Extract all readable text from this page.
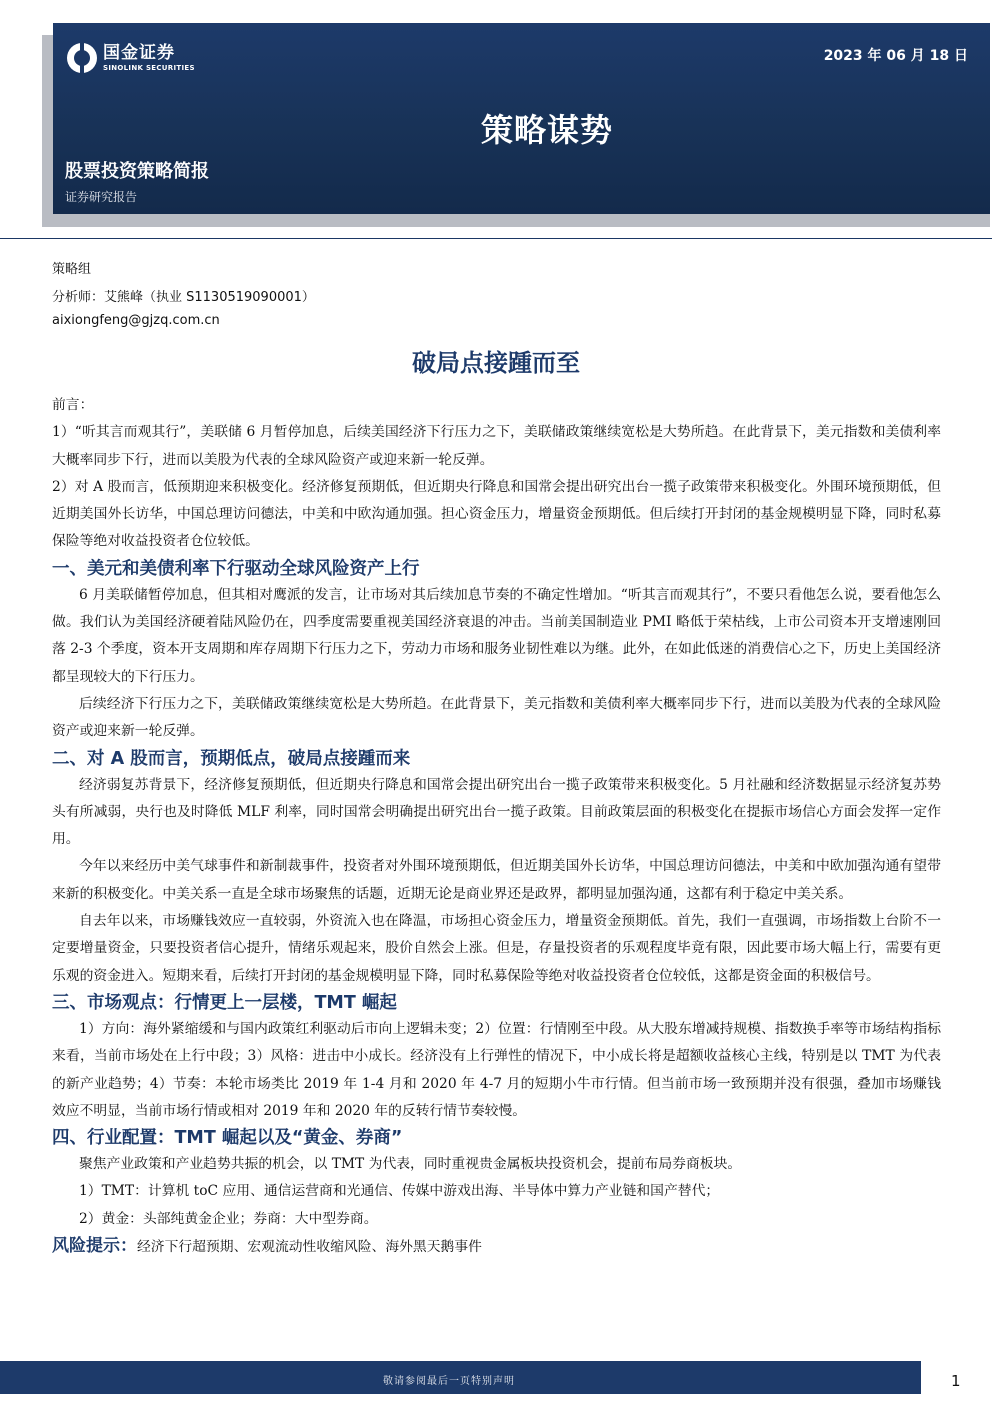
国金证券
SINOLINK SECURITIES
2023 年 06 月 18 日
策略谋势
股票投资策略简报
证券研究报告
策略组
分析师：艾熊峰（执业 S1130519090001）
aixiongfeng@gjzq.com.cn
破局点接踵而至

前言：

1）“听其言而观其行”，美联储 6 月暂停加息，后续美国经济下行压力之下，美联储政策继续宽松是大势所趋。在此背景下，美元指数和美债利率大概率同步下行，进而以美股为代表的全球风险资产或迎来新一轮反弹。

2）对 A 股而言，低预期迎来积极变化。经济修复预期低，但近期央行降息和国常会提出研究出台一揽子政策带来积极变化。外围环境预期低，但近期美国外长访华，中国总理访问德法，中美和中欧沟通加强。担心资金压力，增量资金预期低。但后续打开封闭的基金规模明显下降，同时私募保险等绝对收益投资者仓位较低。

一、美元和美债利率下行驱动全球风险资产上行

6 月美联储暂停加息，但其相对鹰派的发言，让市场对其后续加息节奏的不确定性增加。“听其言而观其行”，不要只看他怎么说，要看他怎么做。我们认为美国经济硬着陆风险仍在，四季度需要重视美国经济衰退的冲击。当前美国制造业 PMI 略低于荣枯线，上市公司资本开支增速刚回落 2-3 个季度，资本开支周期和库存周期下行压力之下，劳动力市场和服务业韧性难以为继。此外，在如此低迷的消费信心之下，历史上美国经济都呈现较大的下行压力。

后续经济下行压力之下，美联储政策继续宽松是大势所趋。在此背景下，美元指数和美债利率大概率同步下行，进而以美股为代表的全球风险资产或迎来新一轮反弹。

二、对 A 股而言，预期低点，破局点接踵而来

经济弱复苏背景下，经济修复预期低，但近期央行降息和国常会提出研究出台一揽子政策带来积极变化。5 月社融和经济数据显示经济复苏势头有所减弱，央行也及时降低 MLF 利率，同时国常会明确提出研究出台一揽子政策。目前政策层面的积极变化在提振市场信心方面会发挥一定作用。

今年以来经历中美气球事件和新制裁事件，投资者对外围环境预期低，但近期美国外长访华，中国总理访问德法，中美和中欧加强沟通有望带来新的积极变化。中美关系一直是全球市场聚焦的话题，近期无论是商业界还是政界，都明显加强沟通，这都有利于稳定中美关系。

自去年以来，市场赚钱效应一直较弱，外资流入也在降温，市场担心资金压力，增量资金预期低。首先，我们一直强调，市场指数上台阶不一定要增量资金，只要投资者信心提升，情绪乐观起来，股价自然会上涨。但是，存量投资者的乐观程度毕竟有限，因此要市场大幅上行，需要有更乐观的资金进入。短期来看，后续打开封闭的基金规模明显下降，同时私募保险等绝对收益投资者仓位较低，这都是资金面的积极信号。

三、市场观点：行情更上一层楼，TMT 崛起

1）方向：海外紧缩缓和与国内政策红利驱动后市向上逻辑未变；2）位置：行情刚至中段。从大股东增减持规模、指数换手率等市场结构指标来看，当前市场处在上行中段；3）风格：进击中小成长。经济没有上行弹性的情况下，中小成长将是超额收益核心主线，特别是以 TMT 为代表的新产业趋势；4）节奏：本轮市场类比 2019 年 1-4 月和 2020 年 4-7 月的短期小牛市行情。但当前市场一致预期并没有很强，叠加市场赚钱效应不明显，当前市场行情或相对 2019 年和 2020 年的反转行情节奏较慢。

四、行业配置：TMT 崛起以及“黄金、券商”

聚焦产业政策和产业趋势共振的机会，以 TMT 为代表，同时重视贵金属板块投资机会，提前布局券商板块。

1）TMT：计算机 toC 应用、通信运营商和光通信、传媒中游戏出海、半导体中算力产业链和国产替代；

2）黄金：头部纯黄金企业；券商：大中型券商。

风险提示：经济下行超预期、宏观流动性收缩风险、海外黑天鹅事件

敬请参阅最后一页特别声明	1
